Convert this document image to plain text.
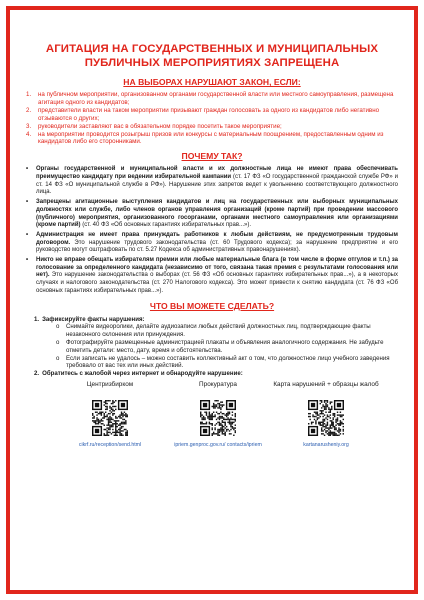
АГИТАЦИЯ НА ГОСУДАРСТВЕННЫХ И МУНИЦИПАЛЬНЫХ
ПУБЛИЧНЫХ МЕРОПРИЯТИЯХ ЗАПРЕЩЕНА
НА ВЫБОРАХ НАРУШАЮТ ЗАКОН, ЕСЛИ:
1. на публичном мероприятии, организованном органами государственной власти или местного самоуправления, размещена агитация одного из кандидатов;
2. представители власти на таком мероприятии призывают граждан голосовать за одного из кандидатов либо негативно отзываются о других;
3. руководители заставляют вас в обязательном порядке посетить такое мероприятие;
4. на мероприятии проводится розыгрыш призов или конкурсы с материальным поощрением, предоставленным одним из кандидатов либо его сторонниками.
ПОЧЕМУ ТАК?
• Органы государственной и муниципальной власти и их должностные лица не имеют права обеспечивать преимущество кандидату при ведении избирательной кампании (ст. 17 ФЗ «О государственной гражданской службе РФ» и ст. 14 ФЗ «О муниципальной службе в РФ»). Нарушение этих запретов ведет к увольнению соответствующего должностного лица.
• Запрещены агитационные выступления кандидатов и лиц на государственных или выборных муниципальных должностях или службе, либо членов органов управления организаций (кроме партий) при проведении массового (публичного) мероприятия, организованного госорганами, органами местного самоуправления или организациями (кроме партий) (ст. 40 ФЗ «Об основных гарантиях избирательных прав...»).
• Администрация не имеет права принуждать работников к любым действиям, не предусмотренным трудовым договором. Это нарушение трудового законодательства (ст. 60 Трудового кодекса); за нарушение предприятие и его руководство могут оштрафовать по ст. 5.27 Кодекса об административных правонарушениях).
• Никто не вправе обещать избирателям премии или любые материальные блага (в том числе в форме отгулов и т.п.) за голосование за определенного кандидата (независимо от того, связана такая премия с результатами голосования или нет). Это нарушение законодательства о выборах (ст. 56 ФЗ «Об основных гарантиях избирательных прав...»), а в некоторых случаях и налогового законодательства (ст. 270 Налогового кодекса). Это может привести к снятию кандидата (ст. 76 ФЗ «Об основных гарантиях избирательных прав...»).
ЧТО ВЫ МОЖЕТЕ СДЕЛАТЬ?
1. Зафиксируйте факты нарушения:
o Снимайте видеоролики, делайте аудиозаписи любых действий должностных лиц, подтверждающие факты незаконного склонения или принуждения.
o Фотографируйте размещенные администрацией плакаты и объявления аналогичного содержания. Не забудьте отметить детали: место, дату, время и обстоятельства.
o Если записать не удалось – можно составить коллективный акт о том, что должностное лицо учебного заведения требовало от вас тех или иных действий.
2. Обратитесь с жалобой через интернет и обнародуйте нарушение:
Центризбирком
cikrf.ru/reception/send.html
Прокуратура
ipriem.genproc.gov.ru/ contacts/ipriem
Карта нарушений + образцы жалоб
kartanarusheniy.org
